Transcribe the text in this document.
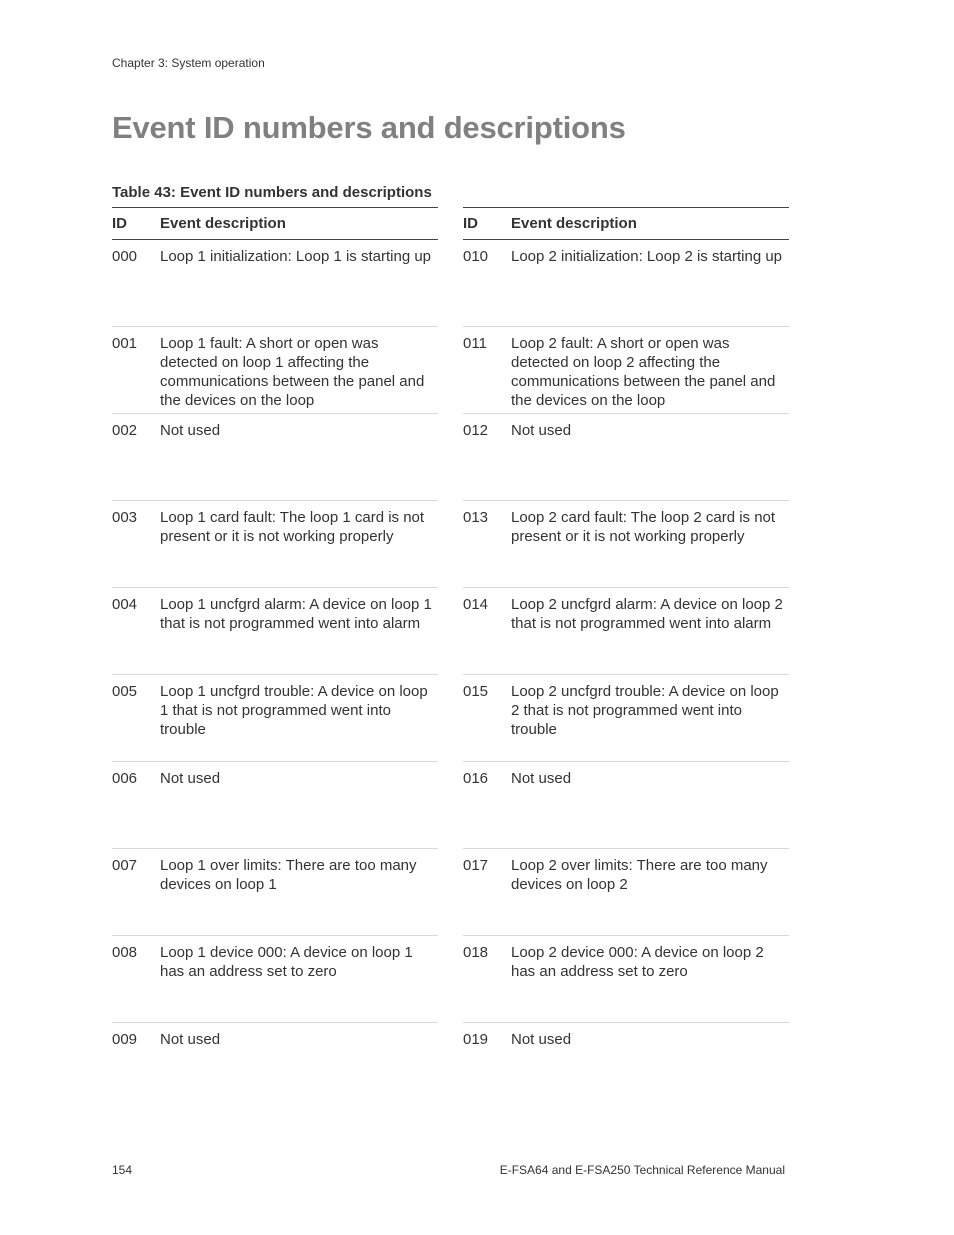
Chapter 3: System operation
Event ID numbers and descriptions
Table 43: Event ID numbers and descriptions
ID	Event description
000	Loop 1 initialization: Loop 1 is starting up
001	Loop 1 fault: A short or open was detected on loop 1 affecting the communications between the panel and the devices on the loop
002	Not used
003	Loop 1 card fault: The loop 1 card is not present or it is not working properly
004	Loop 1 uncfgrd alarm: A device on loop 1 that is not programmed went into alarm
005	Loop 1 uncfgrd trouble: A device on loop 1 that is not programmed went into trouble
006	Not used
007	Loop 1 over limits: There are too many devices on loop 1
008	Loop 1 device 000: A device on loop 1 has an address set to zero
009	Not used
ID	Event description
010	Loop 2 initialization: Loop 2 is starting up
011	Loop 2 fault: A short or open was detected on loop 2 affecting the communications between the panel and the devices on the loop
012	Not used
013	Loop 2 card fault: The loop 2 card is not present or it is not working properly
014	Loop 2 uncfgrd alarm: A device on loop 2 that is not programmed went into alarm
015	Loop 2 uncfgrd trouble: A device on loop 2 that is not programmed went into trouble
016	Not used
017	Loop 2 over limits: There are too many devices on loop 2
018	Loop 2 device 000: A device on loop 2 has an address set to zero
019	Not used
154	E-FSA64 and E-FSA250 Technical Reference Manual
